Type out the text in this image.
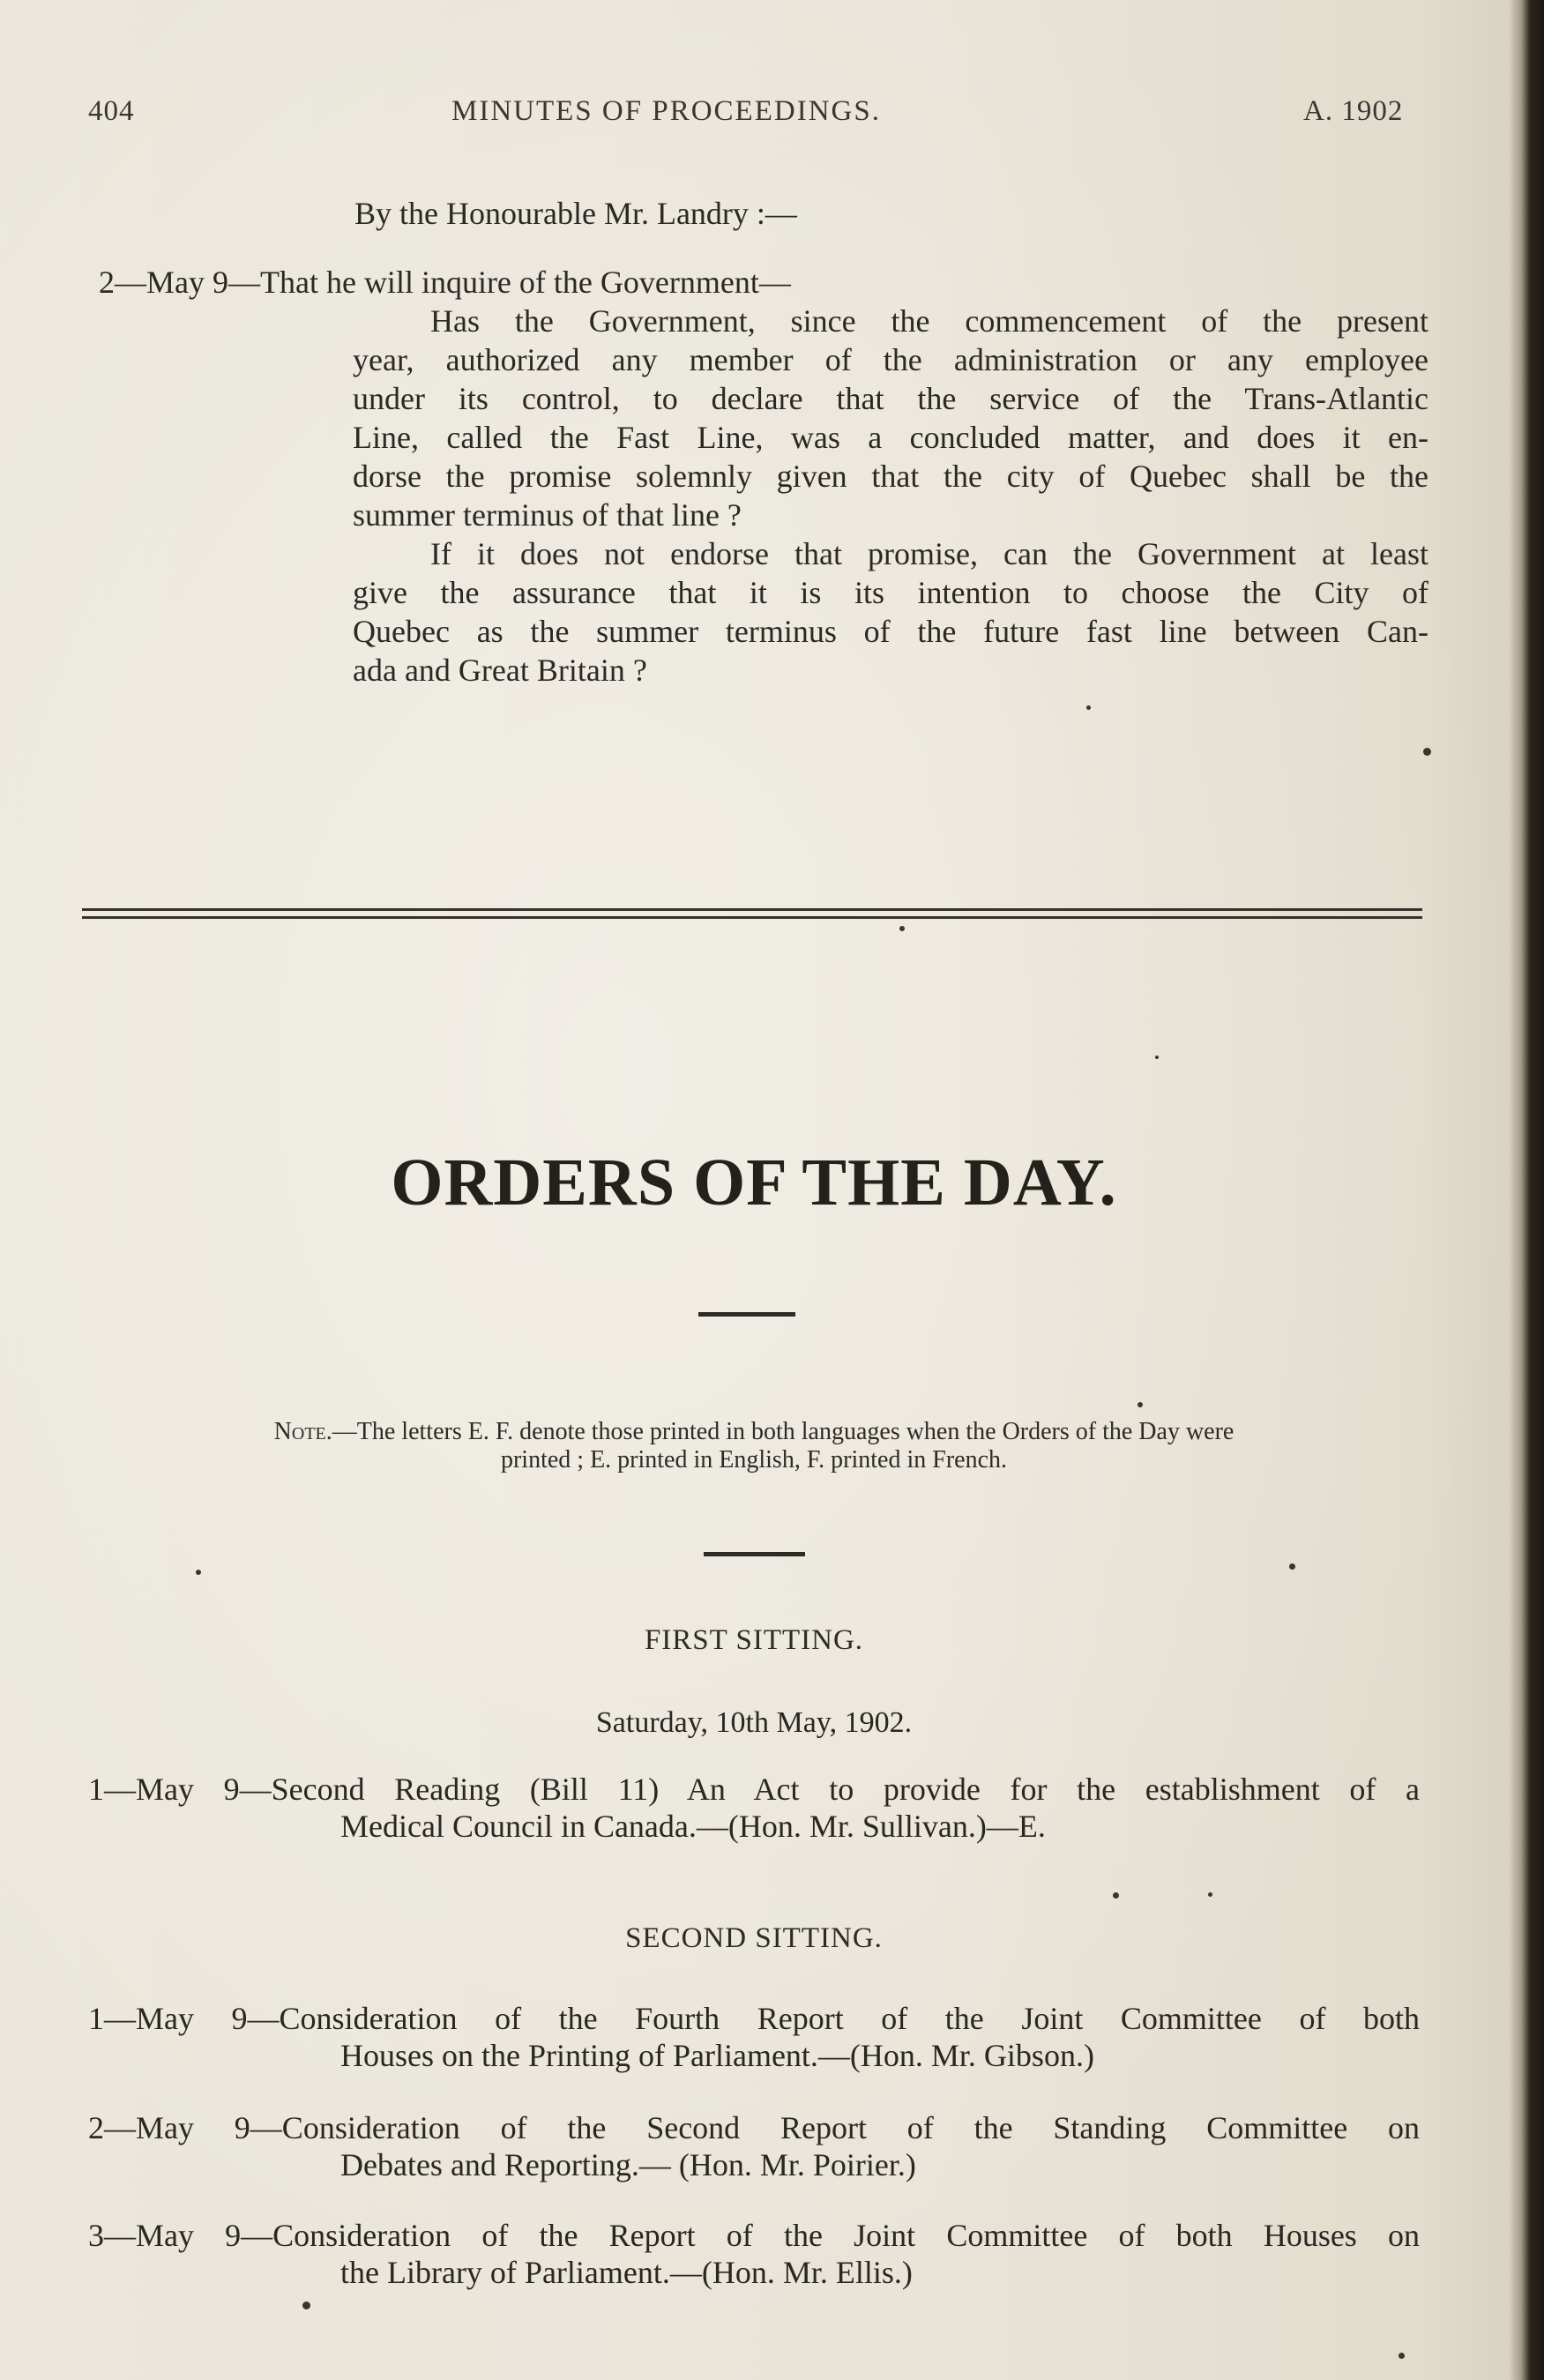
404	MINUTES OF PROCEEDINGS.	A. 1902
By the Honourable Mr. Landry :—
2—May 9—That he will inquire of the Government—

Has the Government, since the commencement of the present

year, authorized any member of the administration or any employee

under its control, to declare that the service of the Trans-Atlantic

Line, called the Fast Line, was a concluded matter, and does it en-

dorse the promise solemnly given that the city of Quebec shall be the

summer terminus of that line ?

If it does not endorse that promise, can the Government at least

give the assurance that it is its intention to choose the City of

Quebec as the summer terminus of the future fast line between Can-

ada and Great Britain ?

ORDERS OF THE DAY.
Note.—The letters E. F. denote those printed in both languages when the Orders of the Day were
printed ; E. printed in English, F. printed in French.
FIRST SITTING.
Saturday, 10th May, 1902.
1—May 9—Second Reading (Bill 11) An Act to provide for the establishment of a
Medical Council in Canada.—(Hon. Mr. Sullivan.)—E.
SECOND SITTING.
1—May 9—Consideration of the Fourth Report of the Joint Committee of both
Houses on the Printing of Parliament.—(Hon. Mr. Gibson.)
2—May 9—Consideration of the Second Report of the Standing Committee on
Debates and Reporting.— (Hon. Mr. Poirier.)
3—May 9—Consideration of the Report of the Joint Committee of both Houses on
the Library of Parliament.—(Hon. Mr. Ellis.)
